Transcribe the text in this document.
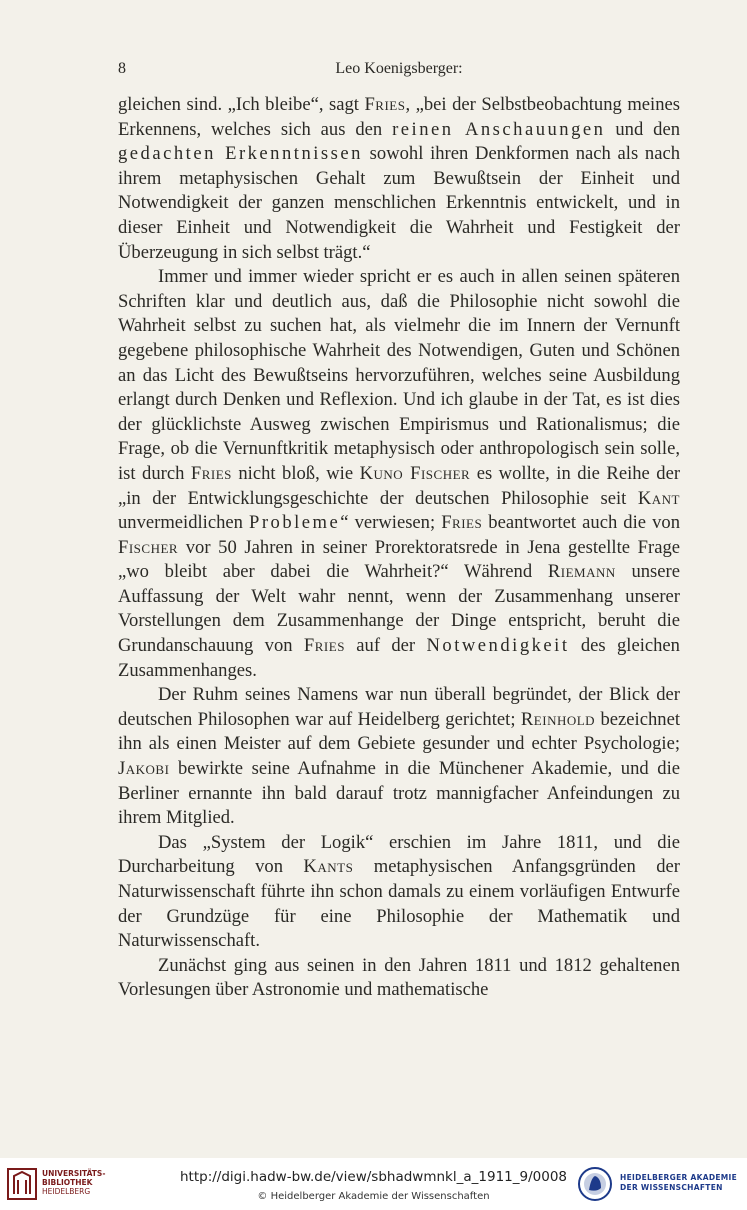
8	Leo Koenigsberger:

gleichen sind. „Ich bleibe“, sagt Fries, „bei der Selbstbeobachtung meines Erkennens, welches sich aus den reinen Anschauungen und den gedachten Erkenntnissen sowohl ihren Denkformen nach als nach ihrem metaphysischen Gehalt zum Bewußtsein der Einheit und Notwendigkeit der ganzen menschlichen Erkenntnis entwickelt, und in dieser Einheit und Notwendigkeit die Wahrheit und Festigkeit der Überzeugung in sich selbst trägt.“

Immer und immer wieder spricht er es auch in allen seinen späteren Schriften klar und deutlich aus, daß die Philosophie nicht sowohl die Wahrheit selbst zu suchen hat, als vielmehr die im Innern der Vernunft gegebene philosophische Wahrheit des Notwendigen, Guten und Schönen an das Licht des Bewußtseins hervorzuführen, welches seine Ausbildung erlangt durch Denken und Reflexion. Und ich glaube in der Tat, es ist dies der glücklichste Ausweg zwischen Empirismus und Rationalismus; die Frage, ob die Vernunftkritik metaphysisch oder anthropologisch sein solle, ist durch Fries nicht bloß, wie Kuno Fischer es wollte, in die Reihe der „in der Entwicklungsgeschichte der deutschen Philosophie seit Kant unvermeidlichen Probleme“ verwiesen; Fries beantwortet auch die von Fischer vor 50 Jahren in seiner Prorektoratsrede in Jena gestellte Frage „wo bleibt aber dabei die Wahrheit?“ Während Riemann unsere Auffassung der Welt wahr nennt, wenn der Zusammenhang unserer Vorstellungen dem Zusammenhange der Dinge entspricht, beruht die Grundanschauung von Fries auf der Notwendigkeit des gleichen Zusammenhanges.

Der Ruhm seines Namens war nun überall begründet, der Blick der deutschen Philosophen war auf Heidelberg gerichtet; Reinhold bezeichnet ihn als einen Meister auf dem Gebiete gesunder und echter Psychologie; Jakobi bewirkte seine Aufnahme in die Münchener Akademie, und die Berliner ernannte ihn bald darauf trotz mannigfacher Anfeindungen zu ihrem Mitglied.

Das „System der Logik“ erschien im Jahre 1811, und die Durcharbeitung von Kants metaphysischen Anfangsgründen der Naturwissenschaft führte ihn schon damals zu einem vorläufigen Entwurfe der Grundzüge für eine Philosophie der Mathematik und Naturwissenschaft.

Zunächst ging aus seinen in den Jahren 1811 und 1812 gehaltenen Vorlesungen über Astronomie und mathematische

UNIVERSITÄTS-
BIBLIOTHEK
HEIDELBERG
http://digi.hadw-bw.de/view/sbhadwmnkl_a_1911_9/0008
© Heidelberger Akademie der Wissenschaften
HEIDELBERGER AKADEMIE
DER WISSENSCHAFTEN
